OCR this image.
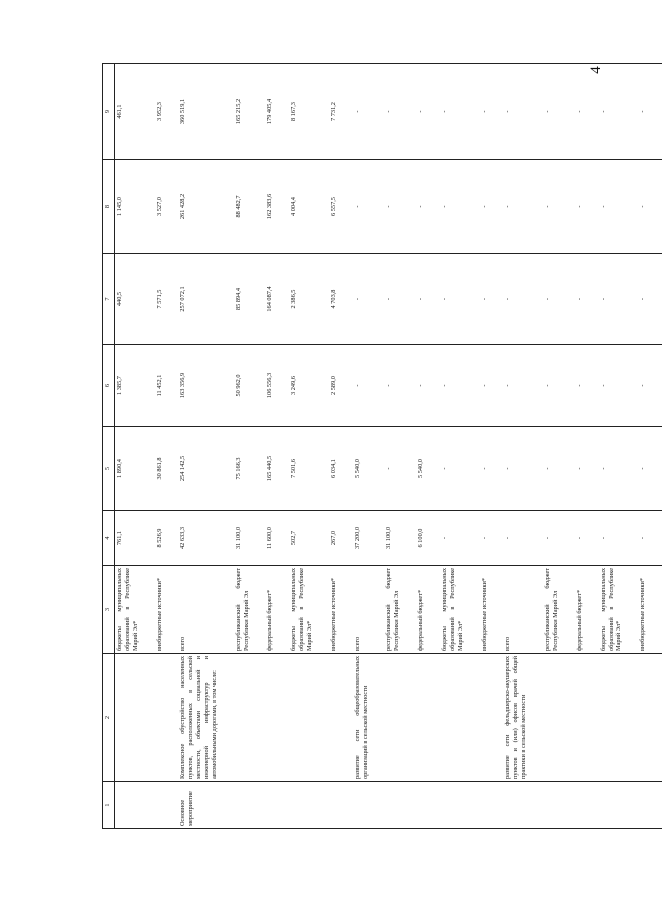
4
1	2	3	4	5	6	7	8	9
		бюджеты муниципальных образований в Республике Марий Эл*	761,1	1 890,4	1 385,7	440,5	1 145,0	461,1

		внебюджетные источники*	8 526,9	30 861,8	11 452,1	7 571,5	3 527,0	3 952,3

Основное мероприятие	Комплексное обустройство населенных пунктов, расположенных в сельской местности, объектами социальной и инженерной инфраструктур и автомобильными дорогами, в том числе:	всего	42 633,3	254 142,5	163 356,9	257 072,1	261 428,2	360 519,1

		республиканский бюджет Республики Марий Эл	31 100,0	75 166,3	50 962,0	85 894,4	88 482,7	165 215,2

		федеральный бюджет*	11 600,0	165 440,5	106 556,3	164 087,4	162 383,6	179 405,4

		бюджеты муниципальных образований в Республике Марий Эл*	502,7	7 501,6	3 249,6	2 386,5	4 004,4	8 167,3

		внебюджетные источники*	267,0	6 034,1	2 589,0	4 703,8	6 557,5	7 731,2

	развитие сети общеобразовательных организаций в сельской местности	всего	37 200,0	5 540,0	-	-	-	-

		республиканский бюджет Республики Марий Эл	31 100,0	-	-	-	-	-

		федеральный бюджет*	6 100,0	5 540,0	-	-	-	-

		бюджеты муниципальных образований в Республике Марий Эл*	-	-	-	-	-	-

		внебюджетные источники*	-	-	-	-	-	-

	развитие сети фельдшерско-акушерских пунктов и (или) офисов врачей общей практики в сельской местности	всего	-	-	-	-	-	-

		республиканский бюджет Республики Марий Эл	-	-	-	-	-	-

		федеральный бюджет*	-	-	-	-	-	-

		бюджеты муниципальных образований в Республике Марий Эл*	-	-	-	-	-	-

		внебюджетные источники*	-	-	-	-	-	-
